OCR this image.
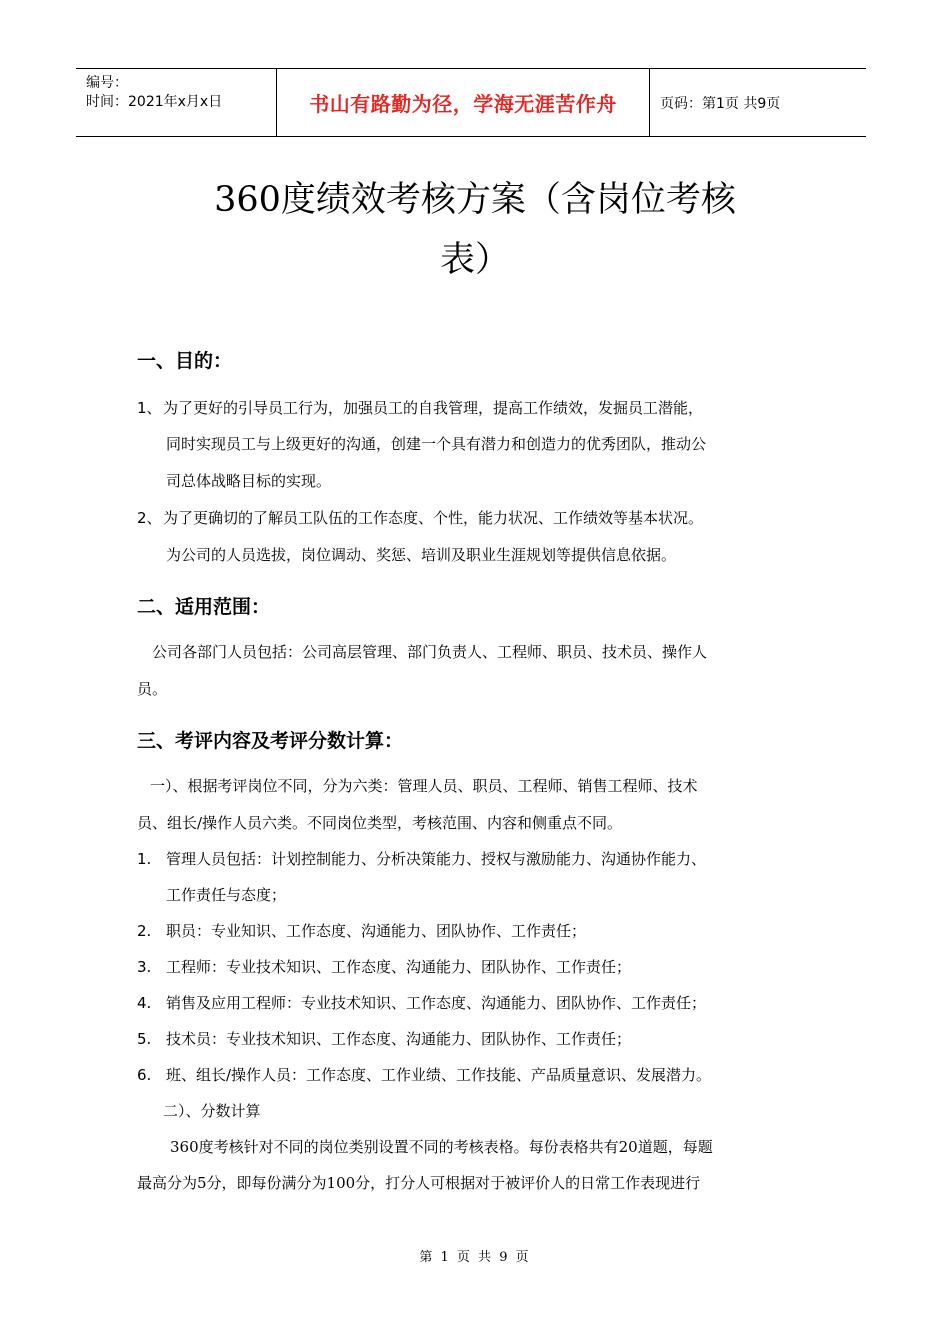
编号：
时间：2021年x月x日	书山有路勤为径，学海无涯苦作舟	页码：第1页 共9页
360度绩效考核方案（含岗位考核
表）
一、目的：
1、 为了更好的引导员工行为，加强员工的自我管理，提高工作绩效，发掘员工潜能，
同时实现员工与上级更好的沟通，创建一个具有潜力和创造力的优秀团队，推动公
司总体战略目标的实现。
2、 为了更确切的了解员工队伍的工作态度、个性，能力状况、工作绩效等基本状况。
为公司的人员选拔，岗位调动、奖惩、培训及职业生涯规划等提供信息依据。
二、适用范围：
公司各部门人员包括：公司高层管理、部门负责人、工程师、职员、技术员、操作人
员。
三、考评内容及考评分数计算：
一）、根据考评岗位不同，分为六类：管理人员、职员、工程师、销售工程师、技术
员、组长/操作人员六类。不同岗位类型，考核范围、内容和侧重点不同。
1. 管理人员包括：计划控制能力、分析决策能力、授权与激励能力、沟通协作能力、
工作责任与态度；
2. 职员：专业知识、工作态度、沟通能力、团队协作、工作责任；
3. 工程师：专业技术知识、工作态度、沟通能力、团队协作、工作责任；
4. 销售及应用工程师：专业技术知识、工作态度、沟通能力、团队协作、工作责任；
5. 技术员：专业技术知识、工作态度、沟通能力、团队协作、工作责任；
6. 班、组长/操作人员：工作态度、工作业绩、工作技能、产品质量意识、发展潜力。
二）、分数计算
360度考核针对不同的岗位类别设置不同的考核表格。每份表格共有20道题，每题
最高分为5分，即每份满分为100分，打分人可根据对于被评价人的日常工作表现进行
第 1 页 共 9 页
